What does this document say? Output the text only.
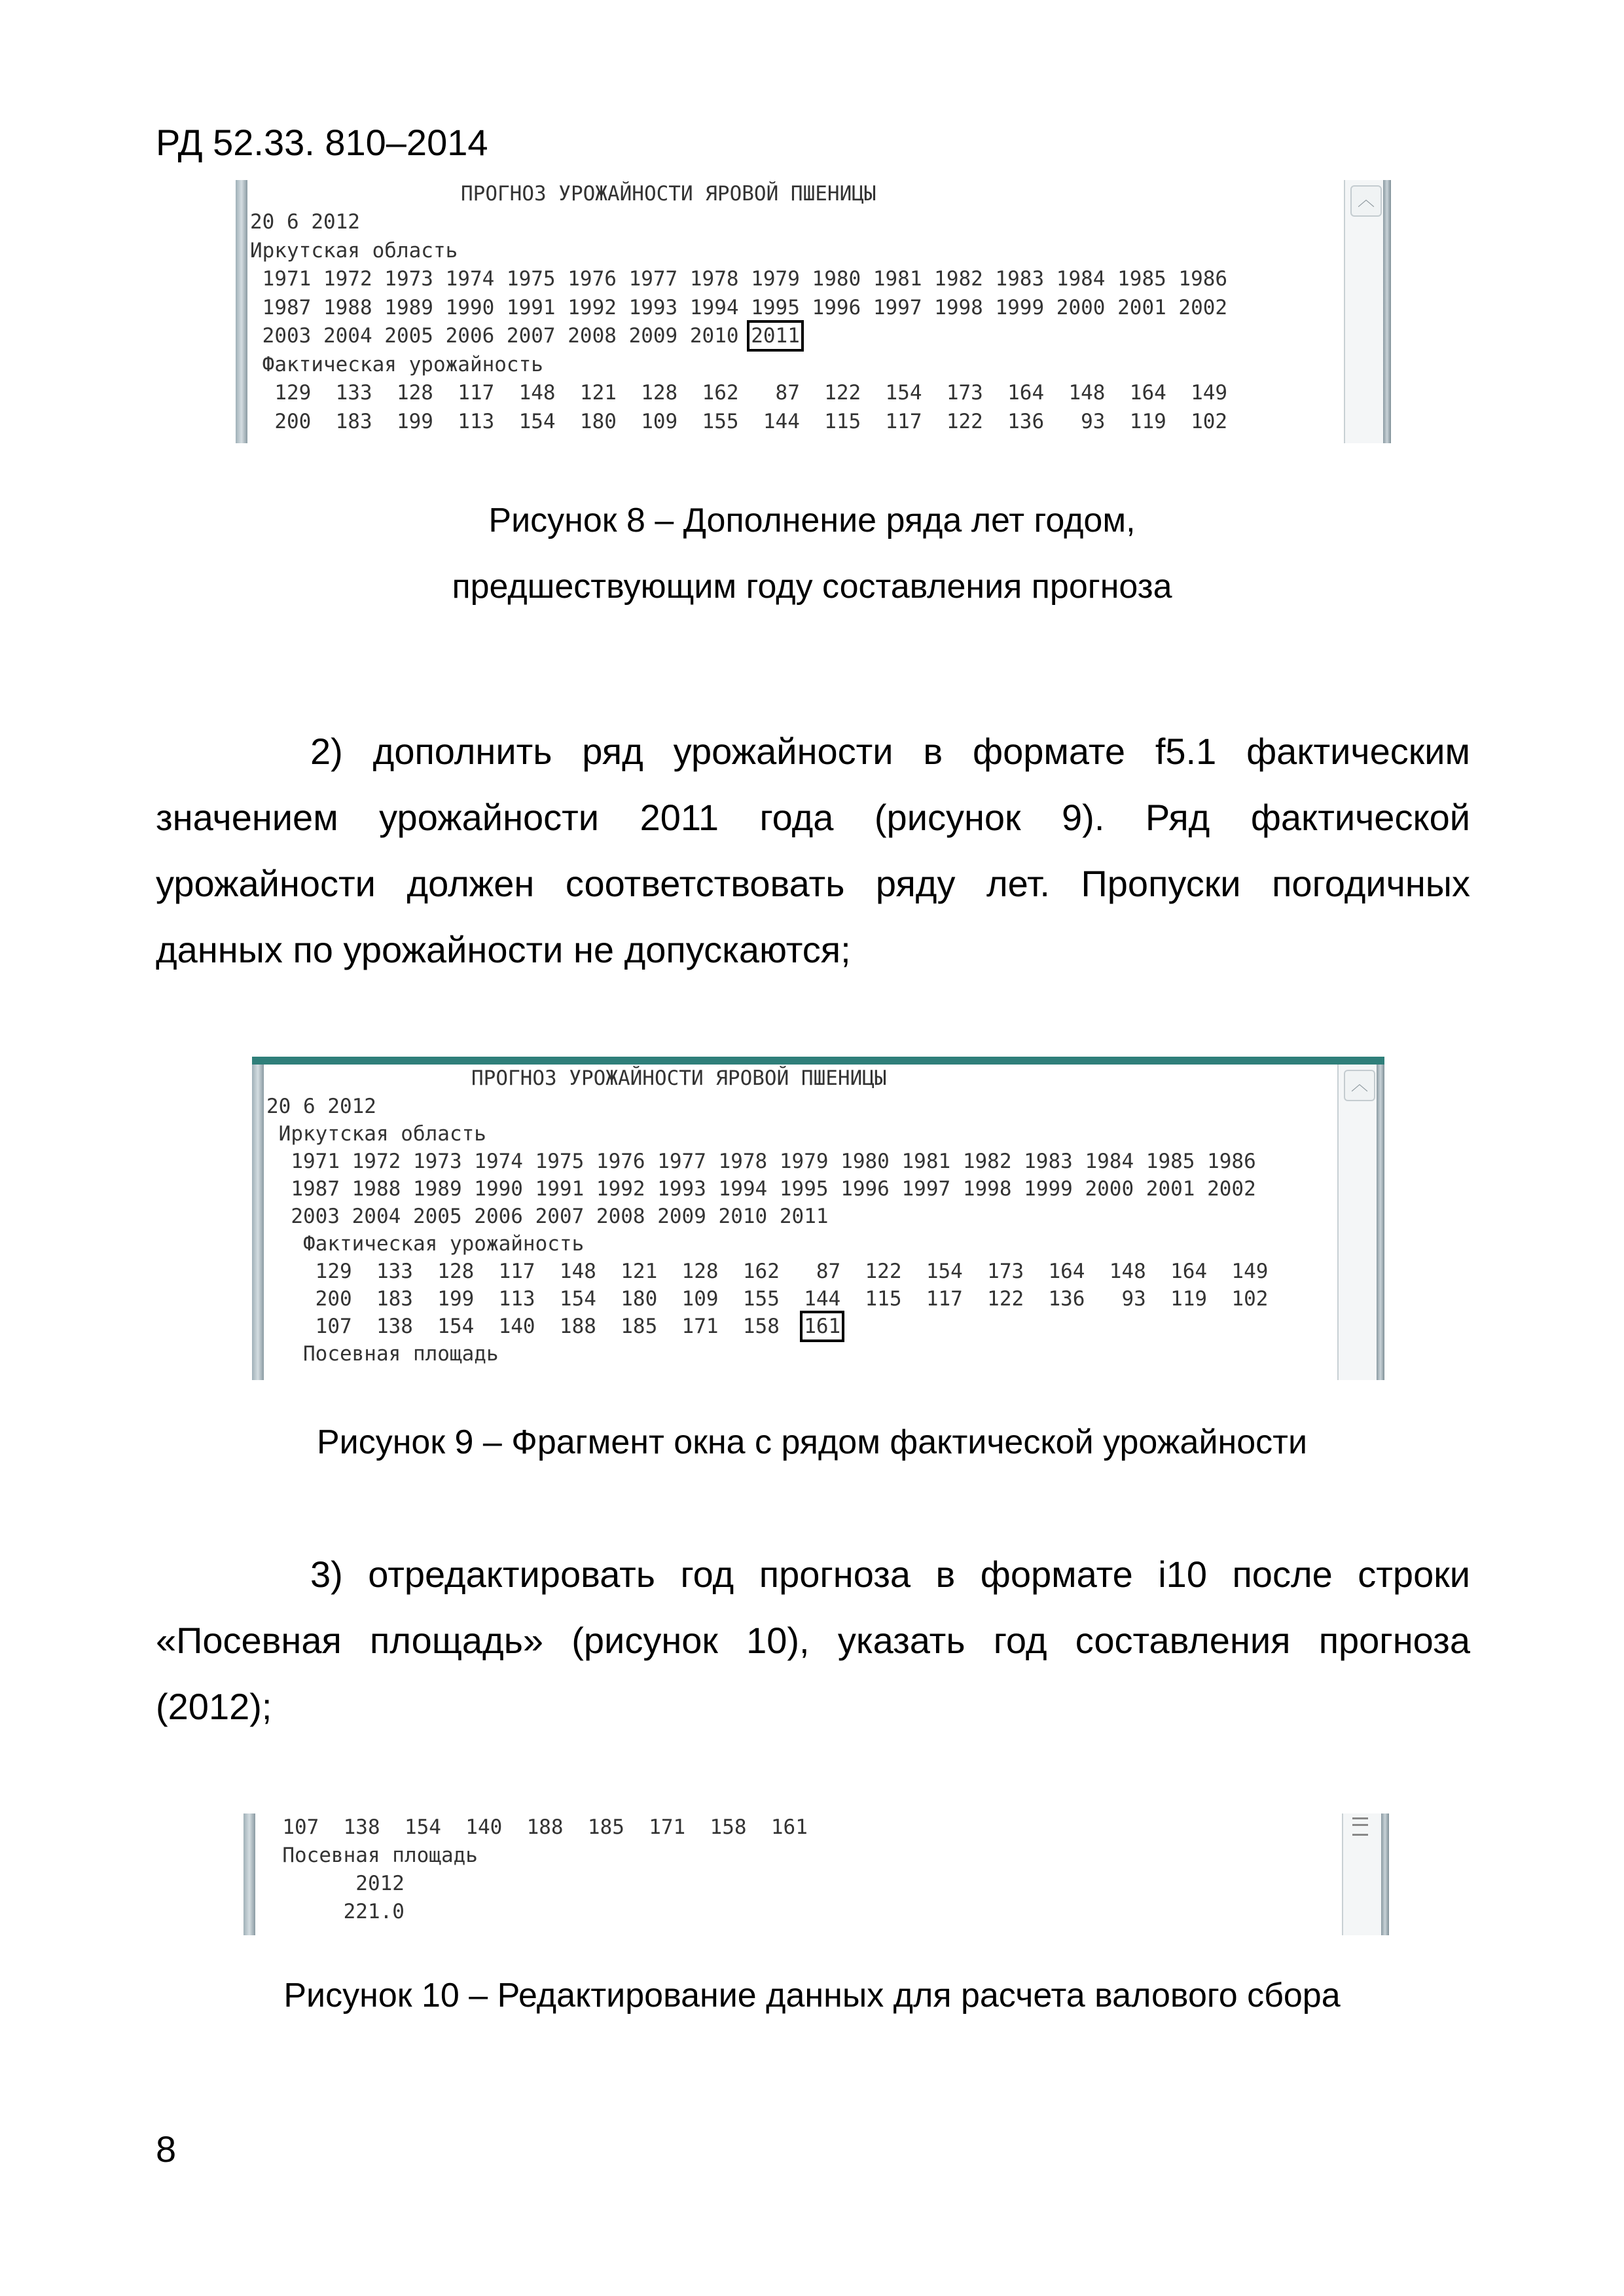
РД 52.33. 810–2014
︿
ПРОГНОЗ УРОЖАЙНОСТИ ЯРОВОЙ ПШЕНИЦЫ
20 6 2012
Иркутская область
1971 1972 1973 1974 1975 1976 1977 1978 1979 1980 1981 1982 1983 1984 1985 1986
1987 1988 1989 1990 1991 1992 1993 1994 1995 1996 1997 1998 1999 2000 2001 2002
2003 2004 2005 2006 2007 2008 2009 2010 2011
Фактическая урожайность
129  133  128  117  148  121  128  162   87  122  154  173  164  148  164  149
200  183  199  113  154  180  109  155  144  115  117  122  136   93  119  102
Рисунок 8 – Дополнение ряда лет годом,
предшествующим году составления прогноза
2) дополнить ряд урожайности в формате f5.1 фактическим
значением урожайности 2011 года (рисунок 9). Ряд фактической
урожайности должен соответствовать ряду лет. Пропуски погодичных
данных по урожайности не допускаются;
︿
ПРОГНОЗ УРОЖАЙНОСТИ ЯРОВОЙ ПШЕНИЦЫ
20 6 2012
Иркутская область
1971 1972 1973 1974 1975 1976 1977 1978 1979 1980 1981 1982 1983 1984 1985 1986
1987 1988 1989 1990 1991 1992 1993 1994 1995 1996 1997 1998 1999 2000 2001 2002
2003 2004 2005 2006 2007 2008 2009 2010 2011
Фактическая урожайность
129  133  128  117  148  121  128  162   87  122  154  173  164  148  164  149
200  183  199  113  154  180  109  155  144  115  117  122  136   93  119  102
107  138  154  140  188  185  171  158  161
Посевная площадь
Рисунок 9 – Фрагмент окна с рядом фактической урожайности
3) отредактировать год прогноза в формате i10 после строки
«Посевная площадь» (рисунок 10), указать год составления прогноза
(2012);
107  138  154  140  188  185  171  158  161
Посевная площадь
2012
221.0
Рисунок 10 – Редактирование данных для расчета валового сбора
8
